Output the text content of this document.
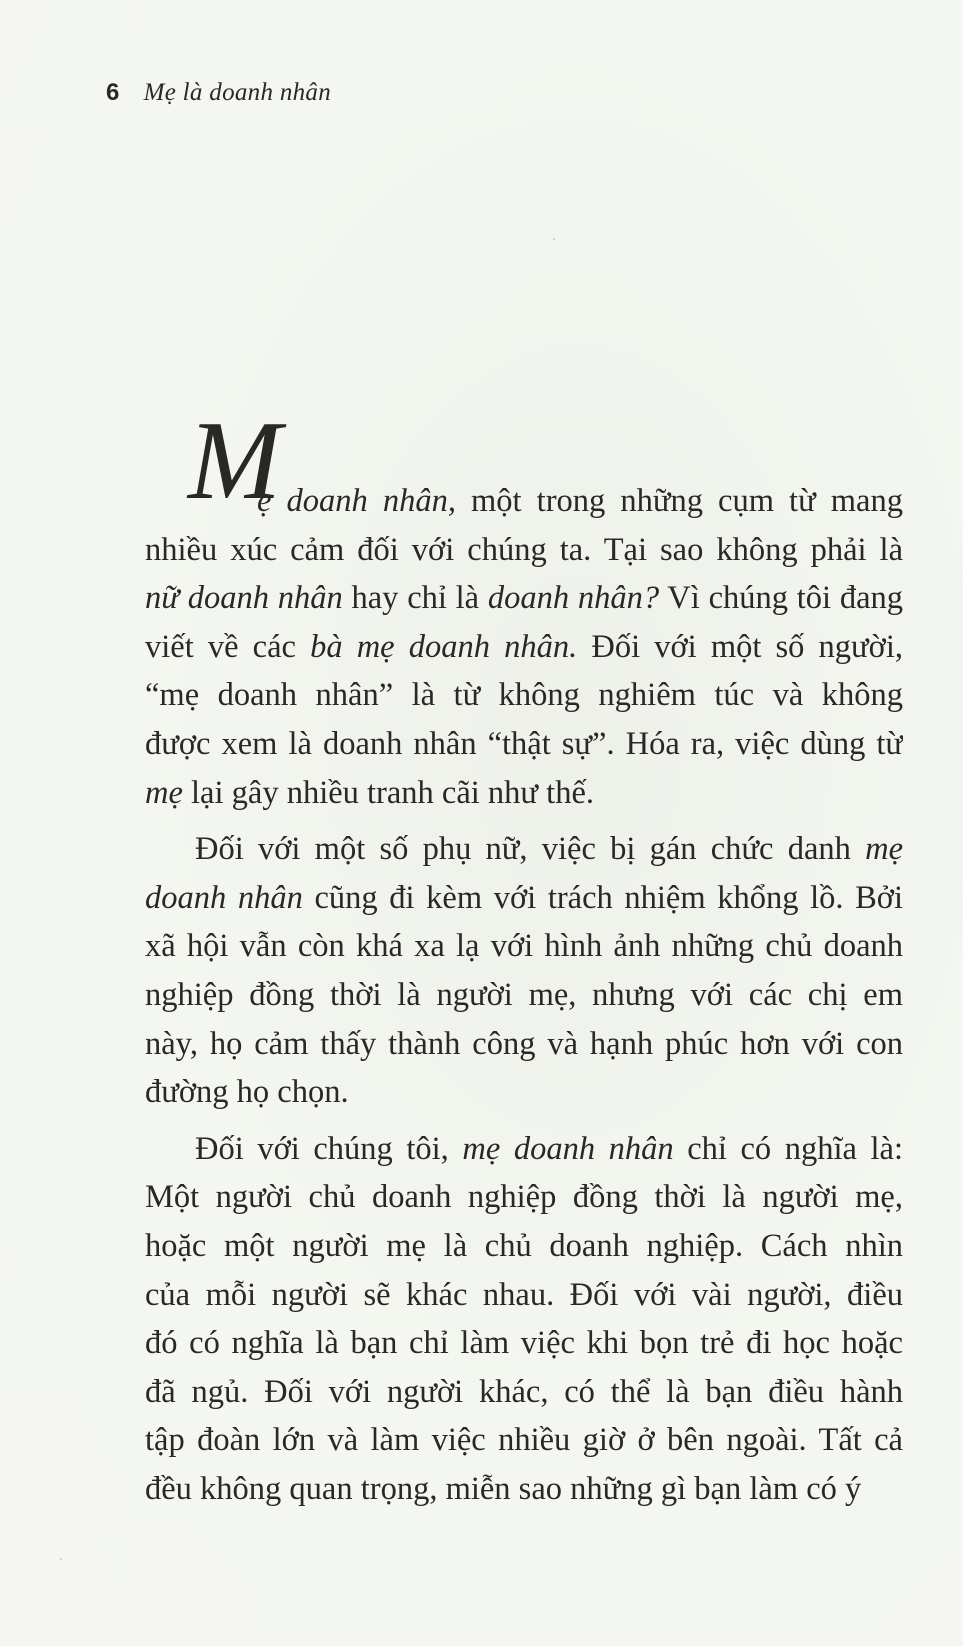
6 Mẹ là doanh nhân
M
ẹ doanh nhân, một trong những cụm từ mang
nhiều xúc cảm đối với chúng ta. Tại sao không phải là
nữ doanh nhân hay chỉ là doanh nhân? Vì chúng tôi đang
viết về các bà mẹ doanh nhân. Đối với một số người,
“mẹ doanh nhân” là từ không nghiêm túc và không
được xem là doanh nhân “thật sự”. Hóa ra, việc dùng từ
mẹ lại gây nhiều tranh cãi như thế.
Đối với một số phụ nữ, việc bị gán chức danh mẹ
doanh nhân cũng đi kèm với trách nhiệm khổng lồ. Bởi
xã hội vẫn còn khá xa lạ với hình ảnh những chủ doanh
nghiệp đồng thời là người mẹ, nhưng với các chị em
này, họ cảm thấy thành công và hạnh phúc hơn với con
đường họ chọn.
Đối với chúng tôi, mẹ doanh nhân chỉ có nghĩa là:
Một người chủ doanh nghiệp đồng thời là người mẹ,
hoặc một người mẹ là chủ doanh nghiệp. Cách nhìn
của mỗi người sẽ khác nhau. Đối với vài người, điều
đó có nghĩa là bạn chỉ làm việc khi bọn trẻ đi học hoặc
đã ngủ. Đối với người khác, có thể là bạn điều hành
tập đoàn lớn và làm việc nhiều giờ ở bên ngoài. Tất cả
đều không quan trọng, miễn sao những gì bạn làm có ý
